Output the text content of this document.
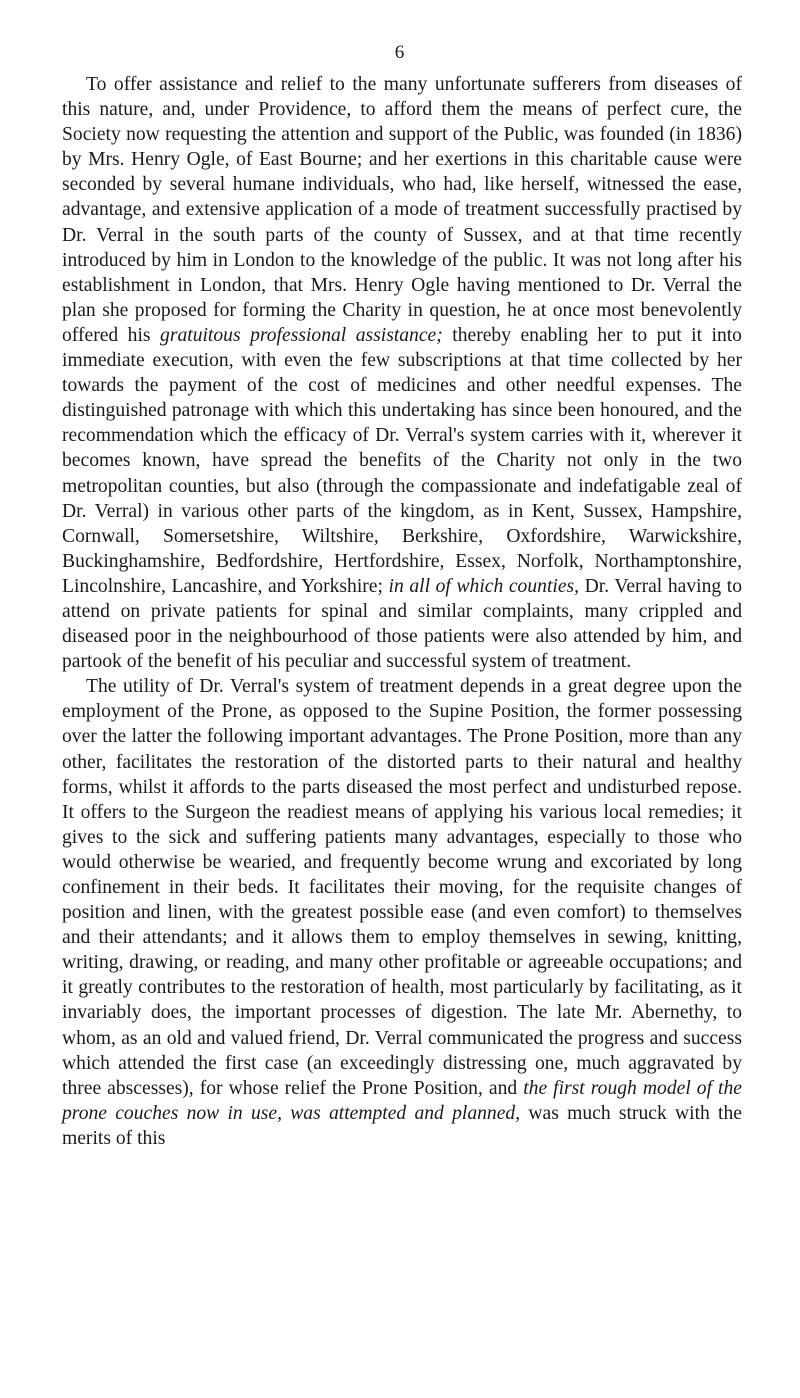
6

To offer assistance and relief to the many unfortunate sufferers from diseases of this nature, and, under Providence, to afford them the means of perfect cure, the Society now requesting the attention and support of the Public, was founded (in 1836) by Mrs. Henry Ogle, of East Bourne; and her exertions in this charitable cause were seconded by several humane individuals, who had, like herself, witnessed the ease, advantage, and extensive application of a mode of treatment successfully practised by Dr. Verral in the south parts of the county of Sussex, and at that time recently introduced by him in London to the knowledge of the public. It was not long after his establishment in London, that Mrs. Henry Ogle having mentioned to Dr. Verral the plan she proposed for forming the Charity in question, he at once most benevolently offered his gratuitous professional assistance; thereby enabling her to put it into immediate execution, with even the few subscriptions at that time collected by her towards the payment of the cost of medicines and other needful expenses. The distinguished patronage with which this undertaking has since been honoured, and the recommendation which the efficacy of Dr. Verral's system carries with it, wherever it becomes known, have spread the benefits of the Charity not only in the two metropolitan counties, but also (through the compassionate and indefatigable zeal of Dr. Verral) in various other parts of the kingdom, as in Kent, Sussex, Hampshire, Cornwall, Somersetshire, Wiltshire, Berkshire, Oxfordshire, Warwickshire, Buckinghamshire, Bedfordshire, Hertfordshire, Essex, Norfolk, Northamptonshire, Lincolnshire, Lancashire, and Yorkshire; in all of which counties, Dr. Verral having to attend on private patients for spinal and similar complaints, many crippled and diseased poor in the neighbourhood of those patients were also attended by him, and partook of the benefit of his peculiar and successful system of treatment.

The utility of Dr. Verral's system of treatment depends in a great degree upon the employment of the Prone, as opposed to the Supine Position, the former possessing over the latter the following important advantages. The Prone Position, more than any other, facilitates the restoration of the distorted parts to their natural and healthy forms, whilst it affords to the parts diseased the most perfect and undisturbed repose. It offers to the Surgeon the readiest means of applying his various local remedies; it gives to the sick and suffering patients many advantages, especially to those who would otherwise be wearied, and frequently become wrung and excoriated by long confinement in their beds. It facilitates their moving, for the requisite changes of position and linen, with the greatest possible ease (and even comfort) to themselves and their attendants; and it allows them to employ themselves in sewing, knitting, writing, drawing, or reading, and many other profitable or agreeable occupations; and it greatly contributes to the restoration of health, most particularly by facilitating, as it invariably does, the important processes of digestion. The late Mr. Abernethy, to whom, as an old and valued friend, Dr. Verral communicated the progress and success which attended the first case (an exceedingly distressing one, much aggravated by three abscesses), for whose relief the Prone Position, and the first rough model of the prone couches now in use, was attempted and planned, was much struck with the merits of this
